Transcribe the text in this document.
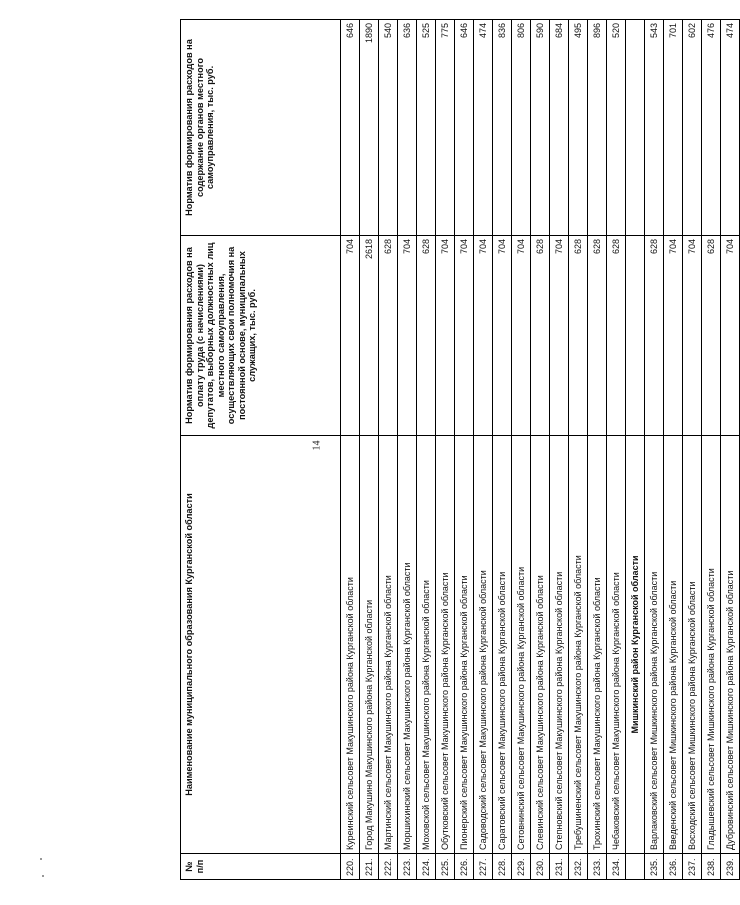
14
№ п/п	Наименование муниципального образования Курганской области	Норматив формирования расходов на оплату труда (с начислениями) депутатов, выборных должностных лиц местного самоуправления, осуществляющих свои полномочия на постоянной основе, муниципальных служащих, тыс. руб.	Норматив формирования расходов на содержание органов местного самоуправления, тыс. руб.
220.	Куреинский сельсовет Макушинского района Курганской области	704	646
221.	Город Макушино Макушинского района Курганской области	2618	1890
222.	Мартинский сельсовет Макушинского района Курганской области	628	540
223.	Моршихинский сельсовет Макушинского района Курганской области	704	636
224.	Моховской сельсовет Макушинского района Курганской области	628	525
225.	Обутковский сельсовет Макушинского района Курганской области	704	775
226.	Пионерский сельсовет Макушинского района Курганской области	704	646
227.	Садоводский сельсовет Макушинского района Курганской области	704	474
228.	Саратовский сельсовет Макушинского района Курганской области	704	836
229.	Сетовнинский сельсовет Макушинского района Курганской области	704	806
230.	Слевинский сельсовет Макушинского района Курганской области	628	590
231.	Степновский сельсовет Макушинского района Курганской области	704	684
232.	Требушиненский сельсовет Макушинского района Курганской области	628	495
233.	Трохинский сельсовет Макушинского района Курганской области	628	896
234.	Чебаковский сельсовет Макушинского района Курганской области	628	520
	Мишкинский район Курганской области		
235.	Варлаковский сельсовет Мишкинского района Курганской области	628	543
236.	Введенский сельсовет Мишкинского района Курганской области	704	701
237.	Восходский сельсовет Мишкинского района Курганской области	704	602
238.	Гладышевский сельсовет Мишкинского района Курганской области	628	476
239.	Дубровинский сельсовет Мишкинского района Курганской области	704	474
